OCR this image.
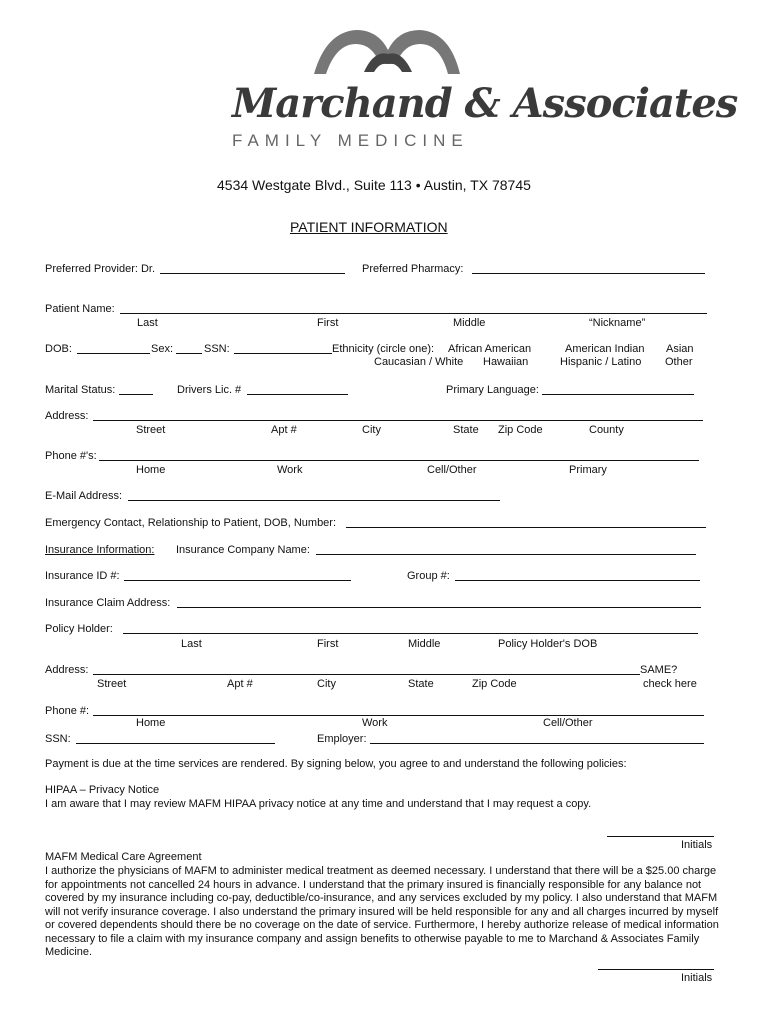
Marchand & Associates
FAMILY MEDICINE
4534 Westgate Blvd., Suite 113 • Austin, TX 78745
PATIENT INFORMATION
Preferred Provider: Dr.	Preferred Pharmacy:
Patient Name:
Last	First	Middle	“Nickname”
DOB:	Sex:	SSN:	Ethnicity (circle one): African American	American Indian Asian
Caucasian / White Hawaiian	Hispanic / Latino Other
Marital Status:	Drivers Lic. #	Primary Language:
Address:
Street	Apt #	City	State Zip Code	County
Phone #'s:
Home	Work	Cell/Other	Primary
E-Mail Address:
Emergency Contact, Relationship to Patient, DOB, Number:
Insurance Information: Insurance Company Name:
Insurance ID #:	Group #:
Insurance Claim Address:
Policy Holder:
Last	First	Middle	Policy Holder's DOB
Address:	SAME?
Street	Apt #	City	State	Zip Code	check here
Phone #:
Home	Work	Cell/Other
SSN:	Employer:
Payment is due at the time services are rendered. By signing below, you agree to and understand the following policies:
HIPAA – Privacy Notice
I am aware that I may review MAFM HIPAA privacy notice at any time and understand that I may request a copy.
Initials
MAFM Medical Care Agreement
I authorize the physicians of MAFM to administer medical treatment as deemed necessary. I understand that there will be a $25.00 charge for appointments not cancelled 24 hours in advance. I understand that the primary insured is financially responsible for any balance not covered by my insurance including co-pay, deductible/co-insurance, and any services excluded by my policy. I also understand that MAFM will not verify insurance coverage. I also understand the primary insured will be held responsible for any and all charges incurred by myself or covered dependents should there be no coverage on the date of service. Furthermore, I hereby authorize release of medical information necessary to file a claim with my insurance company and assign benefits to otherwise payable to me to Marchand & Associates Family Medicine.
Initials
